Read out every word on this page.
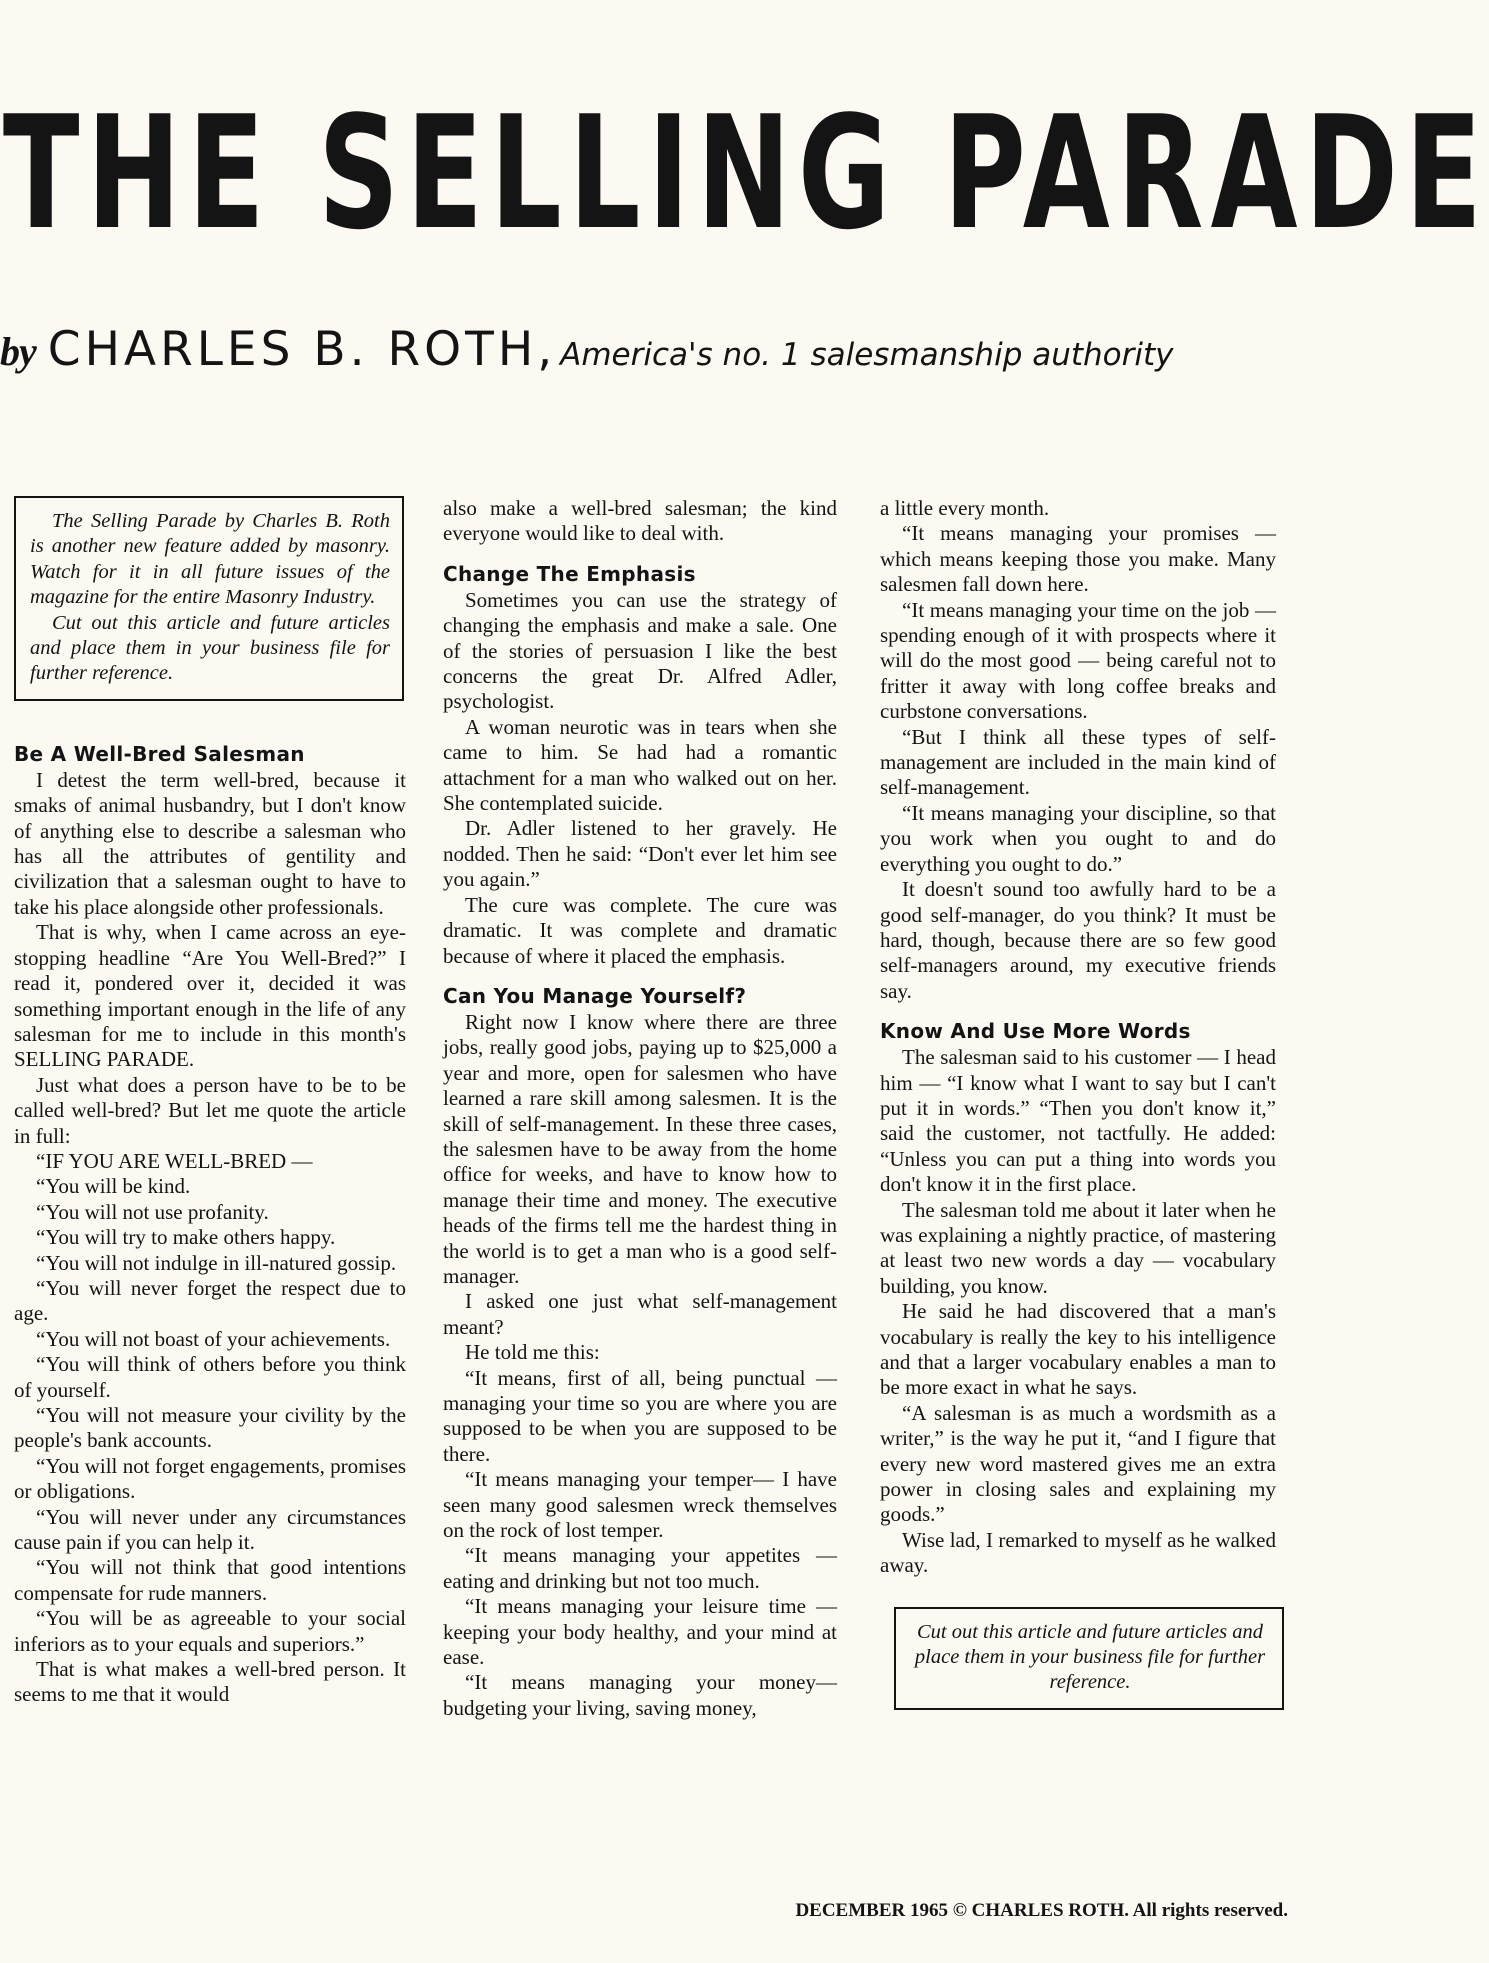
THE SELLING PARADE
by CHARLES B. ROTH, America's no. 1 salesmanship authority

The Selling Parade by Charles B. Roth is another new feature added by masonry. Watch for it in all future issues of the magazine for the entire Masonry Industry.

Cut out this article and future articles and place them in your business file for further reference.

Be A Well-Bred Salesman

I detest the term well-bred, because it smaks of animal husbandry, but I don't know of anything else to describe a salesman who has all the attributes of gentility and civilization that a salesman ought to have to take his place alongside other professionals.

That is why, when I came across an eye-stopping headline “Are You Well-Bred?” I read it, pondered over it, decided it was something important enough in the life of any salesman for me to include in this month's SELLING PARADE.

Just what does a person have to be to be called well-bred? But let me quote the article in full:

“IF YOU ARE WELL-BRED —

“You will be kind.

“You will not use profanity.

“You will try to make others happy.

“You will not indulge in ill-natured gossip.

“You will never forget the respect due to age.

“You will not boast of your achievements.

“You will think of others before you think of yourself.

“You will not measure your civility by the people's bank accounts.

“You will not forget engagements, promises or obligations.

“You will never under any circumstances cause pain if you can help it.

“You will not think that good intentions compensate for rude manners.

“You will be as agreeable to your social inferiors as to your equals and superiors.”

That is what makes a well-bred person. It seems to me that it would

also make a well-bred salesman; the kind everyone would like to deal with.

Change The Emphasis

Sometimes you can use the strategy of changing the emphasis and make a sale. One of the stories of persuasion I like the best concerns the great Dr. Alfred Adler, psychologist.

A woman neurotic was in tears when she came to him. Se had had a romantic attachment for a man who walked out on her. She contemplated suicide.

Dr. Adler listened to her gravely. He nodded. Then he said: “Don't ever let him see you again.”

The cure was complete. The cure was dramatic. It was complete and dramatic because of where it placed the emphasis.

Can You Manage Yourself?

Right now I know where there are three jobs, really good jobs, paying up to $25,000 a year and more, open for salesmen who have learned a rare skill among salesmen. It is the skill of self-management. In these three cases, the salesmen have to be away from the home office for weeks, and have to know how to manage their time and money. The executive heads of the firms tell me the hardest thing in the world is to get a man who is a good self-manager.

I asked one just what self-management meant?

He told me this:

“It means, first of all, being punctual — managing your time so you are where you are supposed to be when you are supposed to be there.

“It means managing your temper— I have seen many good salesmen wreck themselves on the rock of lost temper.

“It means managing your appetites — eating and drinking but not too much.

“It means managing your leisure time — keeping your body healthy, and your mind at ease.

“It means managing your money— budgeting your living, saving money,

a little every month.

“It means managing your promises — which means keeping those you make. Many salesmen fall down here.

“It means managing your time on the job — spending enough of it with prospects where it will do the most good — being careful not to fritter it away with long coffee breaks and curbstone conversations.

“But I think all these types of self-management are included in the main kind of self-management.

“It means managing your discipline, so that you work when you ought to and do everything you ought to do.”

It doesn't sound too awfully hard to be a good self-manager, do you think? It must be hard, though, because there are so few good self-managers around, my executive friends say.

Know And Use More Words

The salesman said to his customer — I head him — “I know what I want to say but I can't put it in words.” “Then you don't know it,” said the customer, not tactfully. He added: “Unless you can put a thing into words you don't know it in the first place.

The salesman told me about it later when he was explaining a nightly practice, of mastering at least two new words a day — vocabulary building, you know.

He said he had discovered that a man's vocabulary is really the key to his intelligence and that a larger vocabulary enables a man to be more exact in what he says.

“A salesman is as much a wordsmith as a writer,” is the way he put it, “and I figure that every new word mastered gives me an extra power in closing sales and explaining my goods.”

Wise lad, I remarked to myself as he walked away.

Cut out this article and future articles and place them in your business file for further reference.

DECEMBER 1965 © CHARLES ROTH. All rights reserved.
